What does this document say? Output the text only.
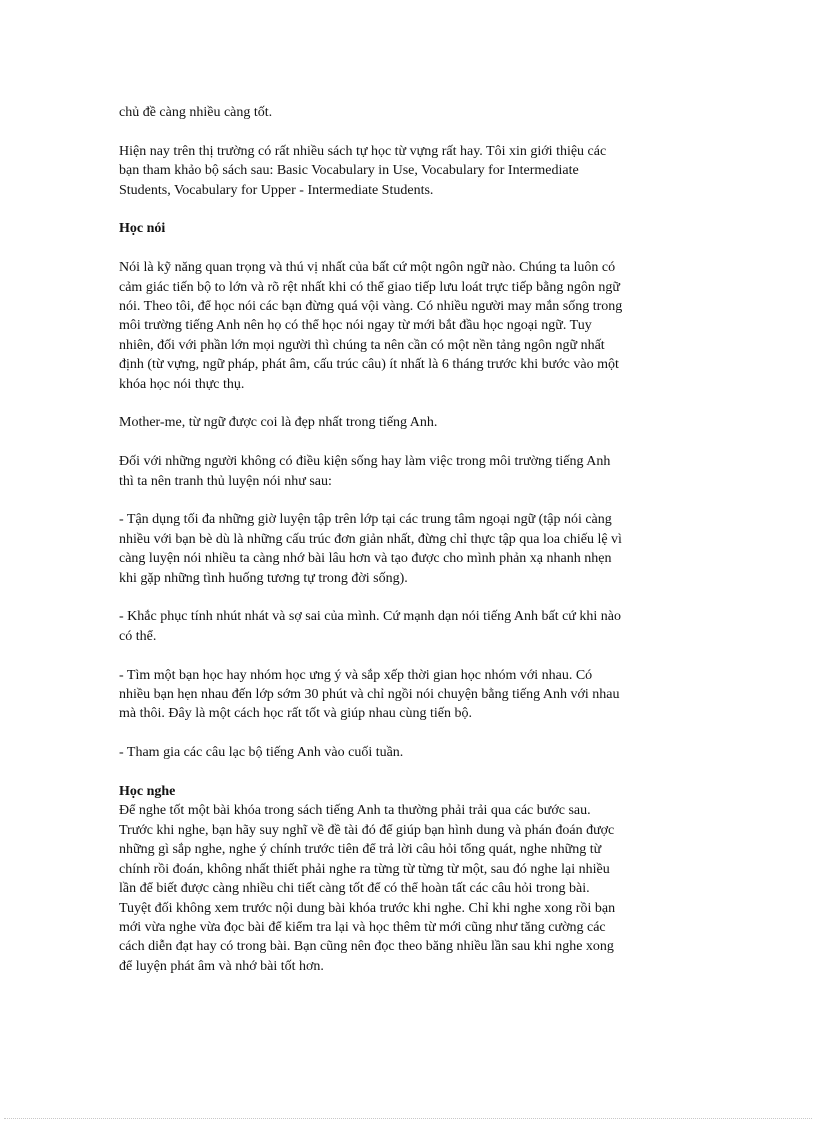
chủ đề càng nhiều càng tốt.

Hiện nay trên thị trường có rất nhiều sách tự học từ vựng rất hay. Tôi xin giới thiệu các
bạn tham khảo bộ sách sau: Basic Vocabulary in Use, Vocabulary for Intermediate
Students, Vocabulary for Upper - Intermediate Students.

Học nói

Nói là kỹ năng quan trọng và thú vị nhất của bất cứ một ngôn ngữ nào. Chúng ta luôn có
cảm giác tiến bộ to lớn và rõ rệt nhất khi có thể giao tiếp lưu loát trực tiếp bằng ngôn ngữ
nói. Theo tôi, để học nói các bạn đừng quá vội vàng. Có nhiều người may mắn sống trong
môi trường tiếng Anh nên họ có thể học nói ngay từ mới bắt đầu học ngoại ngữ. Tuy
nhiên, đối với phần lớn mọi người thì chúng ta nên cần có một nền tảng ngôn ngữ nhất
định (từ vựng, ngữ pháp, phát âm, cấu trúc câu) ít nhất là 6 tháng trước khi bước vào một
khóa học nói thực thụ.

Mother-me, từ ngữ được coi là đẹp nhất trong tiếng Anh.

Đối với những người không có điều kiện sống hay làm việc trong môi trường tiếng Anh
thì ta nên tranh thủ luyện nói như sau:

- Tận dụng tối đa những giờ luyện tập trên lớp tại các trung tâm ngoại ngữ (tập nói càng
nhiều với bạn bè dù là những cấu trúc đơn giản nhất, đừng chỉ thực tập qua loa chiếu lệ vì
càng luyện nói nhiều ta càng nhớ bài lâu hơn và tạo được cho mình phản xạ nhanh nhẹn
khi gặp những tình huống tương tự trong đời sống).

- Khắc phục tính nhút nhát và sợ sai của mình. Cứ mạnh dạn nói tiếng Anh bất cứ khi nào
có thể.

- Tìm một bạn học hay nhóm học ưng ý và sắp xếp thời gian học nhóm với nhau. Có
nhiều bạn hẹn nhau đến lớp sớm 30 phút và chỉ ngồi nói chuyện bằng tiếng Anh với nhau
mà thôi. Đây là một cách học rất tốt và giúp nhau cùng tiến bộ.

- Tham gia các câu lạc bộ tiếng Anh vào cuối tuần.

Học nghe

Để nghe tốt một bài khóa trong sách tiếng Anh ta thường phải trải qua các bước sau.
Trước khi nghe, bạn hãy suy nghĩ về đề tài đó để giúp bạn hình dung và phán đoán được
những gì sắp nghe, nghe ý chính trước tiên để trả lời câu hỏi tổng quát, nghe những từ
chính rồi đoán, không nhất thiết phải nghe ra từng từ từng từ một, sau đó nghe lại nhiều
lần để biết được càng nhiều chi tiết càng tốt để có thể hoàn tất các câu hỏi trong bài.
Tuyệt đối không xem trước nội dung bài khóa trước khi nghe. Chỉ khi nghe xong rồi bạn
mới vừa nghe vừa đọc bài để kiểm tra lại và học thêm từ mới cũng như tăng cường các
cách diễn đạt hay có trong bài. Bạn cũng nên đọc theo băng nhiều lần sau khi nghe xong
để luyện phát âm và nhớ bài tốt hơn.
